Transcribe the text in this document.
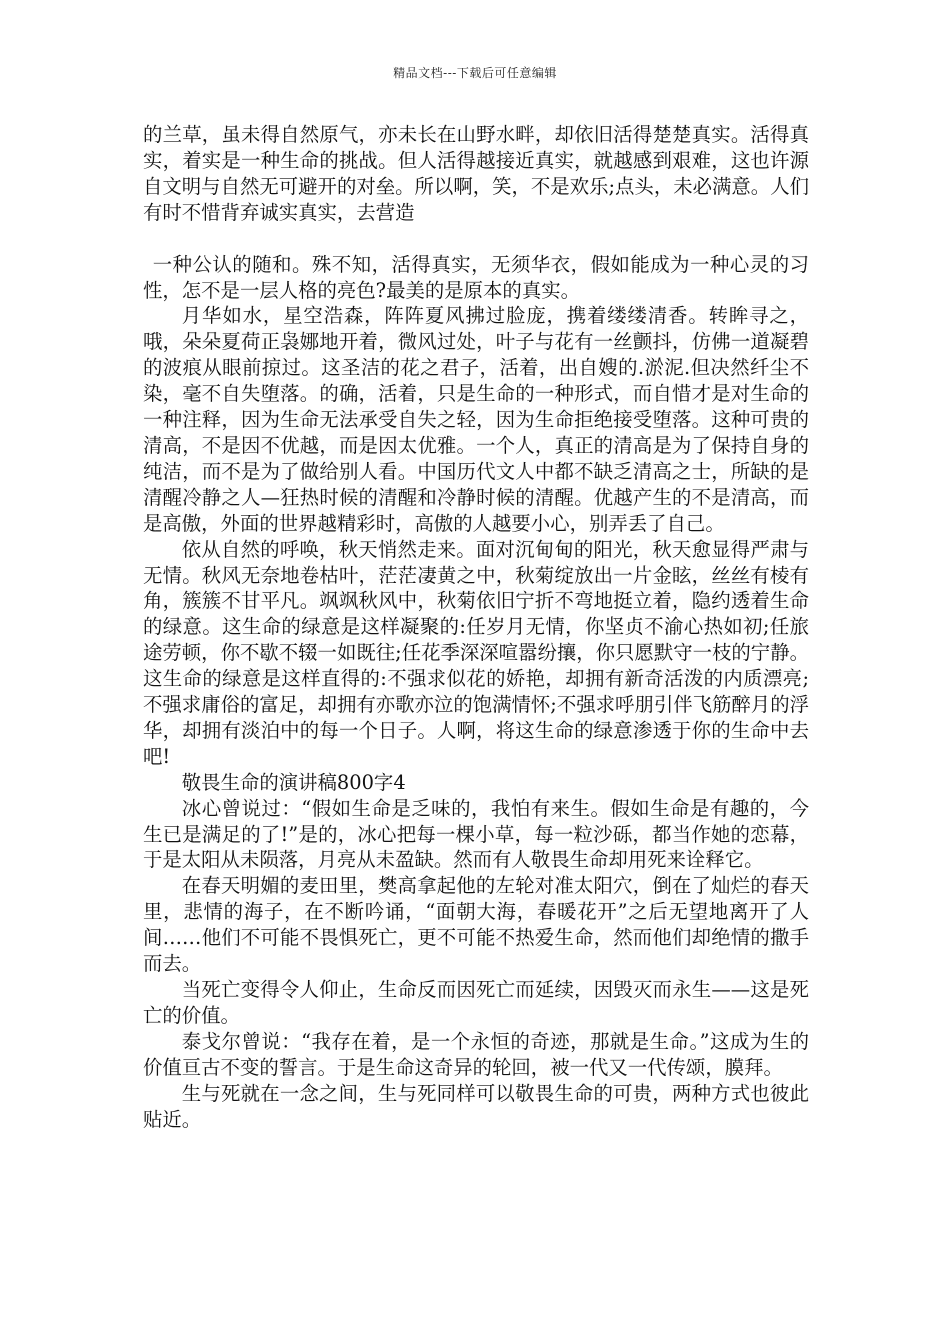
精品文档---下载后可任意编辑

的兰草，虽未得自然原气，亦未长在山野水畔，却依旧活得楚楚真实。活得真实，着实是一种生命的挑战。但人活得越接近真实，就越感到艰难，这也许源自文明与自然无可避开的对垒。所以啊，笑，不是欢乐;点头，未必满意。人们有时不惜背弃诚实真实，去营造

一种公认的随和。殊不知，活得真实，无须华衣，假如能成为一种心灵的习性，怎不是一层人格的亮色?最美的是原本的真实。

月华如水，星空浩森，阵阵夏风拂过脸庞，携着缕缕清香。转眸寻之，哦，朵朵夏荷正袅娜地开着，微风过处，叶子与花有一丝颤抖，仿佛一道凝碧的波痕从眼前掠过。这圣洁的花之君子，活着，出自嫂的.淤泥.但决然纤尘不染，毫不自失堕落。的确，活着，只是生命的一种形式，而自惜才是对生命的一种注释，因为生命无法承受自失之轻，因为生命拒绝接受堕落。这种可贵的清高，不是因不优越，而是因太优雅。一个人，真正的清高是为了保持自身的纯洁，而不是为了做给别人看。中国历代文人中都不缺乏清高之士，所缺的是清醒冷静之人—狂热时候的清醒和冷静时候的清醒。优越产生的不是清高，而是高傲，外面的世界越精彩时，高傲的人越要小心，别弄丢了自己。

依从自然的呼唤，秋天悄然走来。面对沉甸甸的阳光，秋天愈显得严肃与无情。秋风无奈地卷枯叶，茫茫凄黄之中，秋菊绽放出一片金眩，丝丝有棱有角，簇簇不甘平凡。飒飒秋风中，秋菊依旧宁折不弯地挺立着，隐约透着生命的绿意。这生命的绿意是这样凝聚的:任岁月无情，你坚贞不渝心热如初;任旅途劳顿，你不歇不辍一如既往;任花季深深喧嚣纷攘，你只愿默守一枝的宁静。这生命的绿意是这样直得的:不强求似花的娇艳，却拥有新奇活泼的内质漂亮;不强求庸俗的富足，却拥有亦歌亦泣的饱满情怀;不强求呼朋引伴飞筋醉月的浮华，却拥有淡泊中的每一个日子。人啊，将这生命的绿意渗透于你的生命中去吧!

敬畏生命的演讲稿800字4

冰心曾说过：“假如生命是乏味的，我怕有来生。假如生命是有趣的，今生已是满足的了!”是的，冰心把每一棵小草，每一粒沙砾，都当作她的恋幕，于是太阳从未陨落，月亮从未盈缺。然而有人敬畏生命却用死来诠释它。

在春天明媚的麦田里，樊高拿起他的左轮对准太阳穴，倒在了灿烂的春天里，悲情的海子，在不断吟诵，“面朝大海，春暖花开”之后无望地离开了人间……他们不可能不畏惧死亡，更不可能不热爱生命，然而他们却绝情的撒手而去。

当死亡变得令人仰止，生命反而因死亡而延续，因毁灭而永生——这是死亡的价值。

泰戈尔曾说：“我存在着，是一个永恒的奇迹，那就是生命。”这成为生的价值亘古不变的誓言。于是生命这奇异的轮回，被一代又一代传颂，膜拜。

生与死就在一念之间，生与死同样可以敬畏生命的可贵，两种方式也彼此贴近。
